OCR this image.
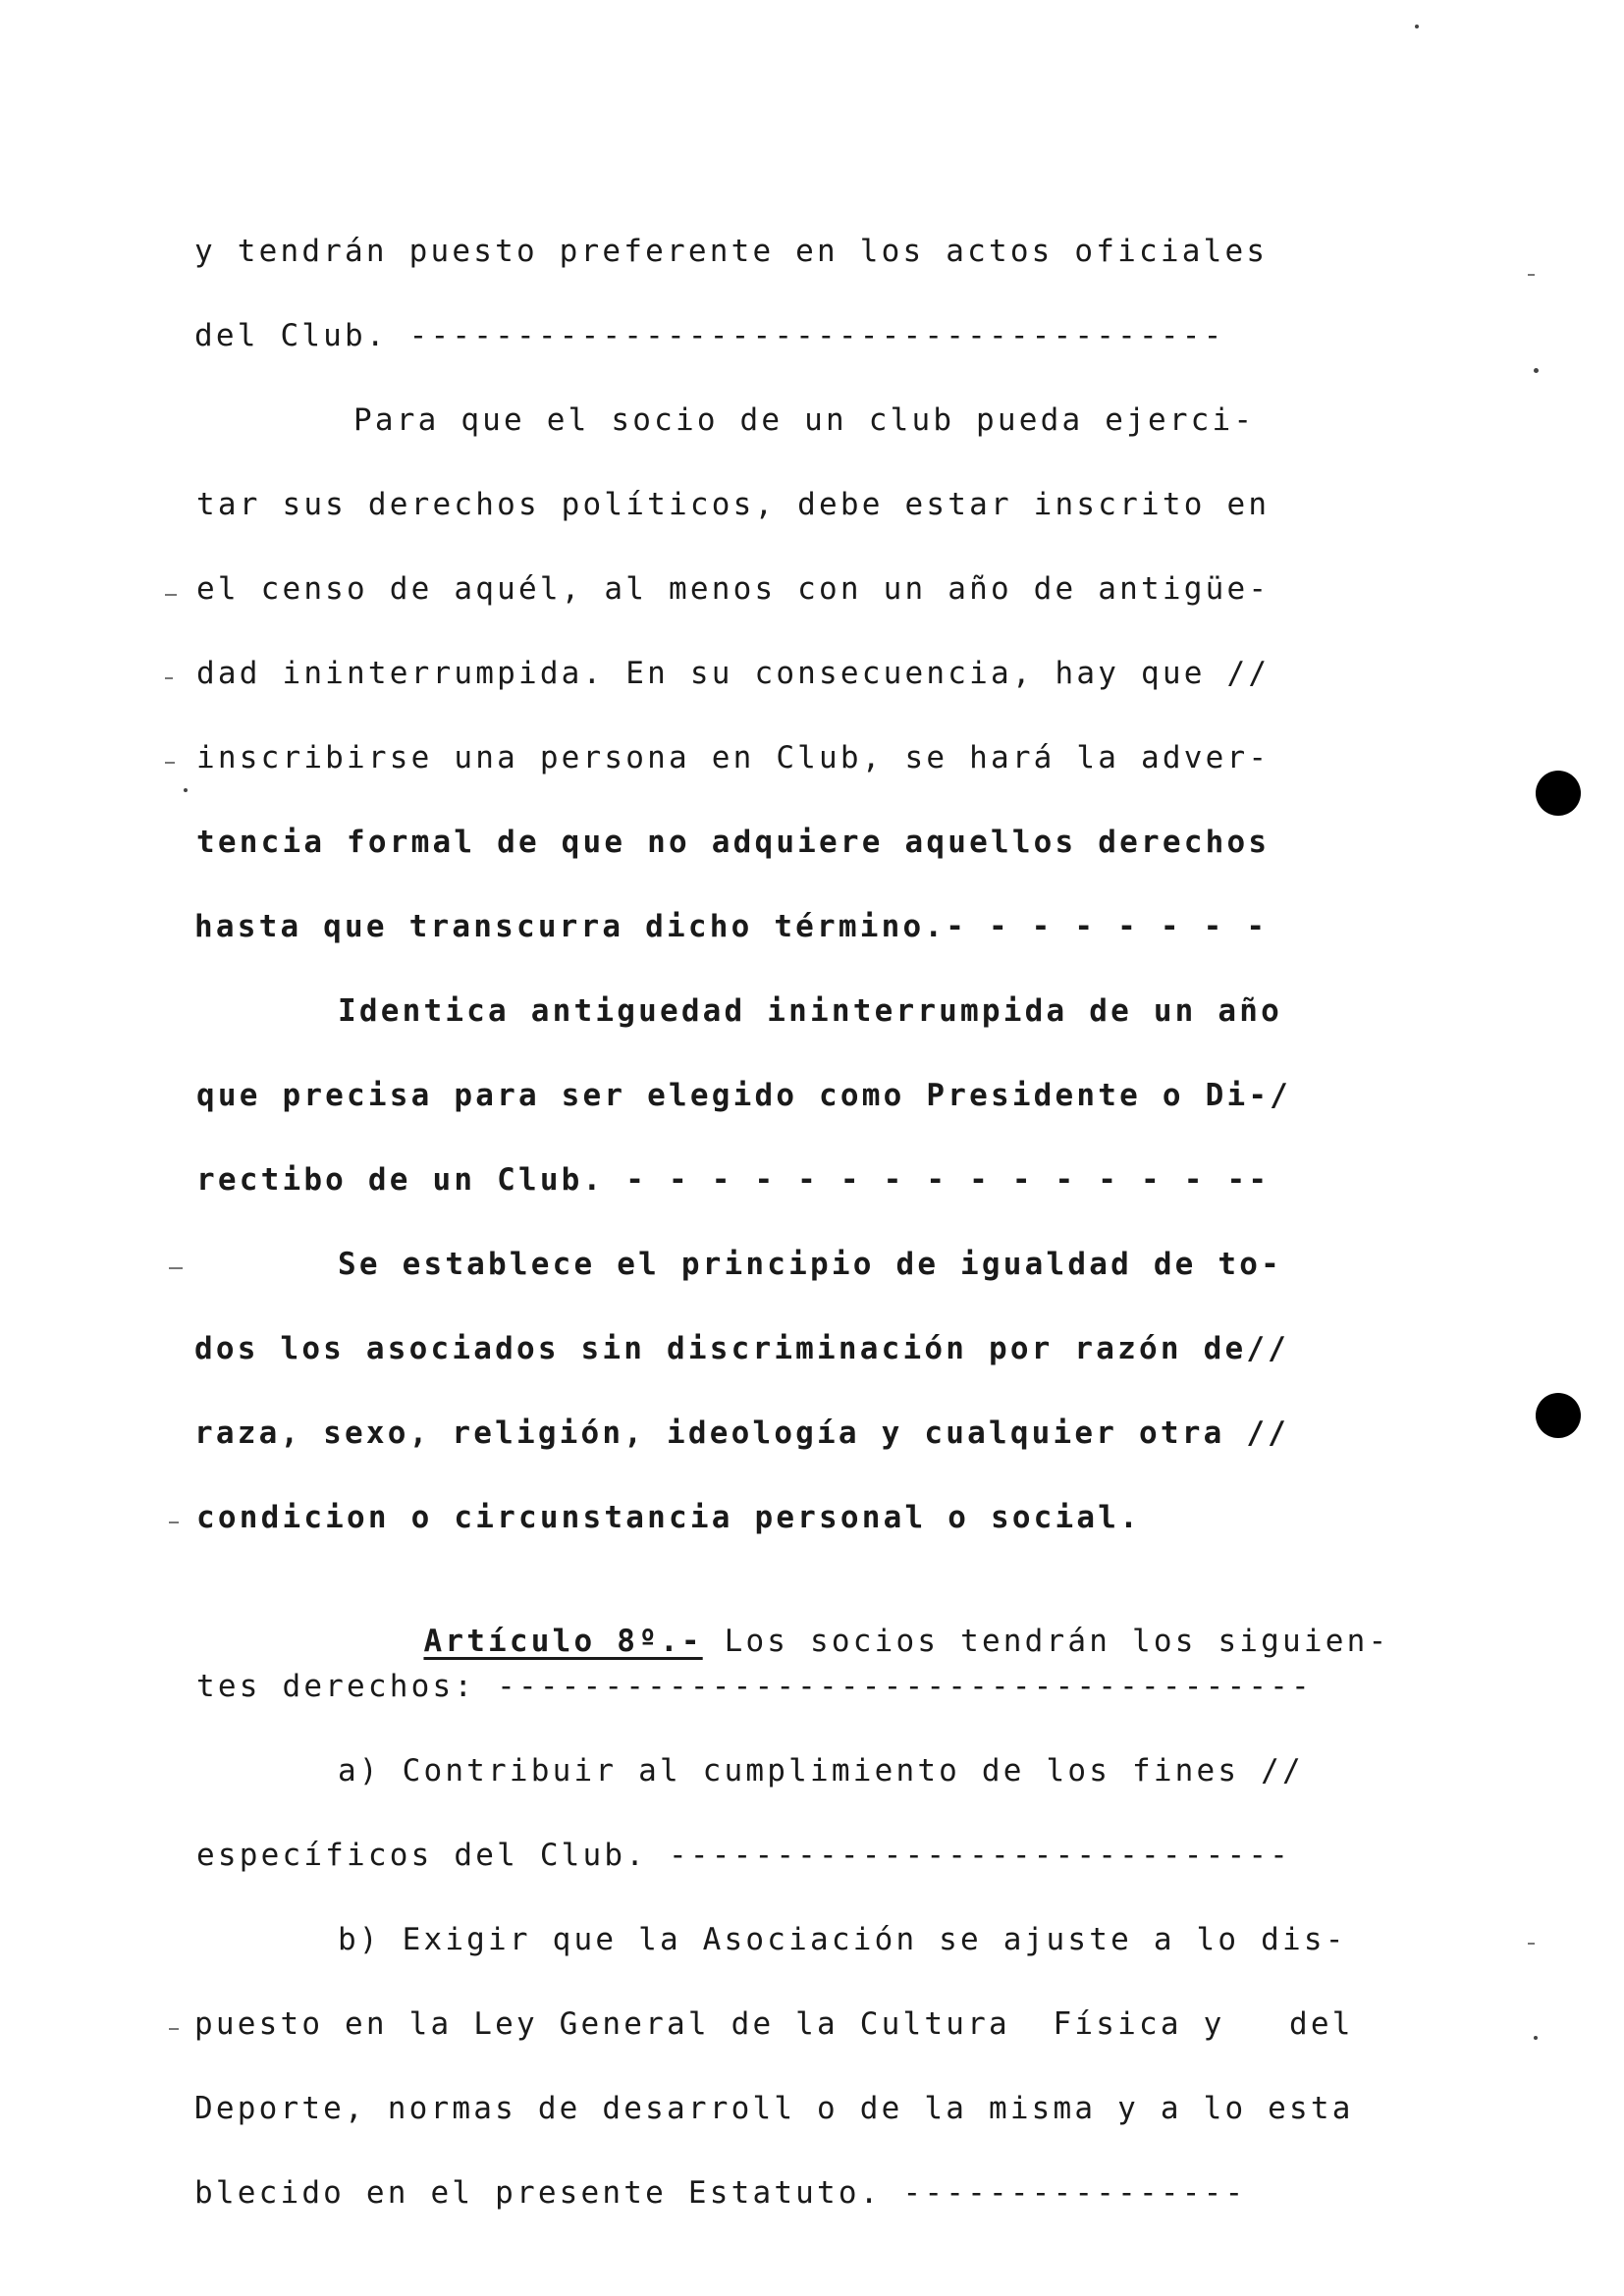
y tendrán puesto preferente en los actos oficiales
del Club. --------------------------------------
Para que el socio de un club pueda ejerci-
tar sus derechos políticos, debe estar inscrito en
el censo de aquél, al menos con un año de antigüe-
dad ininterrumpida. En su consecuencia, hay que //
inscribirse una persona en Club, se hará la adver-
tencia formal de que no adquiere aquellos derechos
hasta que transcurra dicho término.- - - - - - - -
Identica antiguedad ininterrumpida de un año
que precisa para ser elegido como Presidente o Di-/
rectibo de un Club. - - - - - - - - - - - - - - --
Se establece el principio de igualdad de to-
dos los asociados sin discriminación por razón de//
raza, sexo, religión, ideología y cualquier otra //
condicion o circunstancia personal o social.

Artículo 8º.- Los socios tendrán los siguien-

tes derechos: --------------------------------------
a) Contribuir al cumplimiento de los fines //
específicos del Club. -----------------------------
b) Exigir que la Asociación se ajuste a lo dis-
puesto en la Ley General de la Cultura  Física y   del
Deporte, normas de desarroll o de la misma y a lo esta
blecido en el presente Estatuto. ----------------
